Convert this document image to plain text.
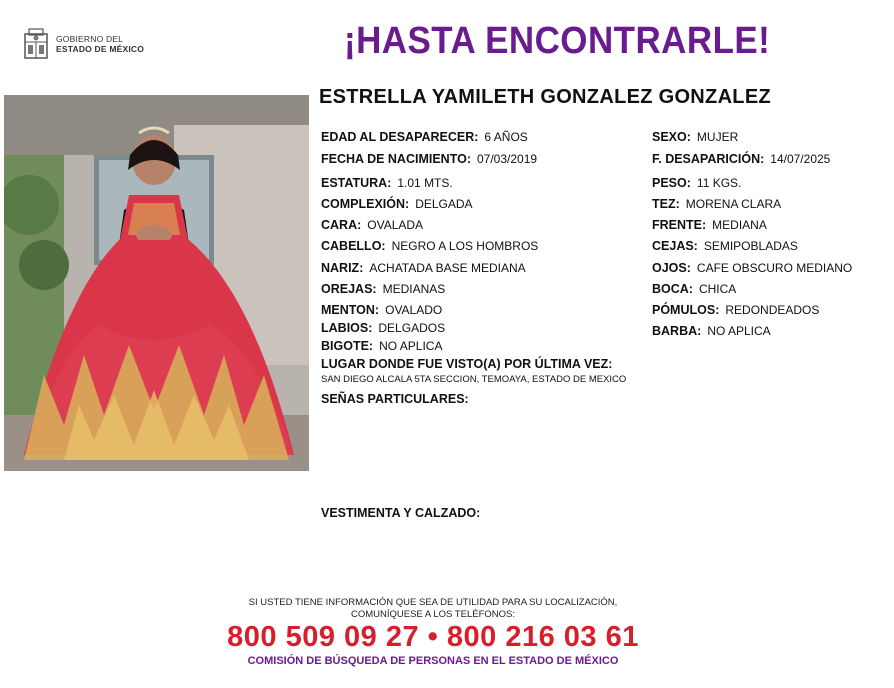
GOBIERNO DEL
ESTADO DE MÉXICO	¡HASTA ENCONTRARLE!
ESTRELLA YAMILETH GONZALEZ GONZALEZ
EDAD AL DESAPARECER: 6 AÑOS
FECHA DE NACIMIENTO: 07/03/2019
ESTATURA: 1.01 MTS.
COMPLEXIÓN: DELGADA
CARA: OVALADA
CABELLO: NEGRO A LOS HOMBROS
NARIZ: ACHATADA BASE MEDIANA
OREJAS: MEDIANAS
MENTON: OVALADO
LABIOS: DELGADOS
BIGOTE: NO APLICA
SEXO: MUJER
F. DESAPARICIÓN: 14/07/2025
PESO: 11 KGS.
TEZ: MORENA CLARA
FRENTE: MEDIANA
CEJAS: SEMIPOBLADAS
OJOS: CAFE OBSCURO MEDIANO
BOCA: CHICA
PÓMULOS: REDONDEADOS
BARBA: NO APLICA
LUGAR DONDE FUE VISTO(A) POR ÚLTIMA VEZ:
SAN DIEGO ALCALA 5TA SECCION, TEMOAYA, ESTADO DE MEXICO
SEÑAS PARTICULARES:
VESTIMENTA Y CALZADO:
SI USTED TIENE INFORMACIÓN QUE SEA DE UTILIDAD PARA SU LOCALIZACIÓN,
COMUNÍQUESE A LOS TELÉFONOS:
800 509 09 27 • 800 216 03 61
COMISIÓN DE BÚSQUEDA DE PERSONAS EN EL ESTADO DE MÉXICO
